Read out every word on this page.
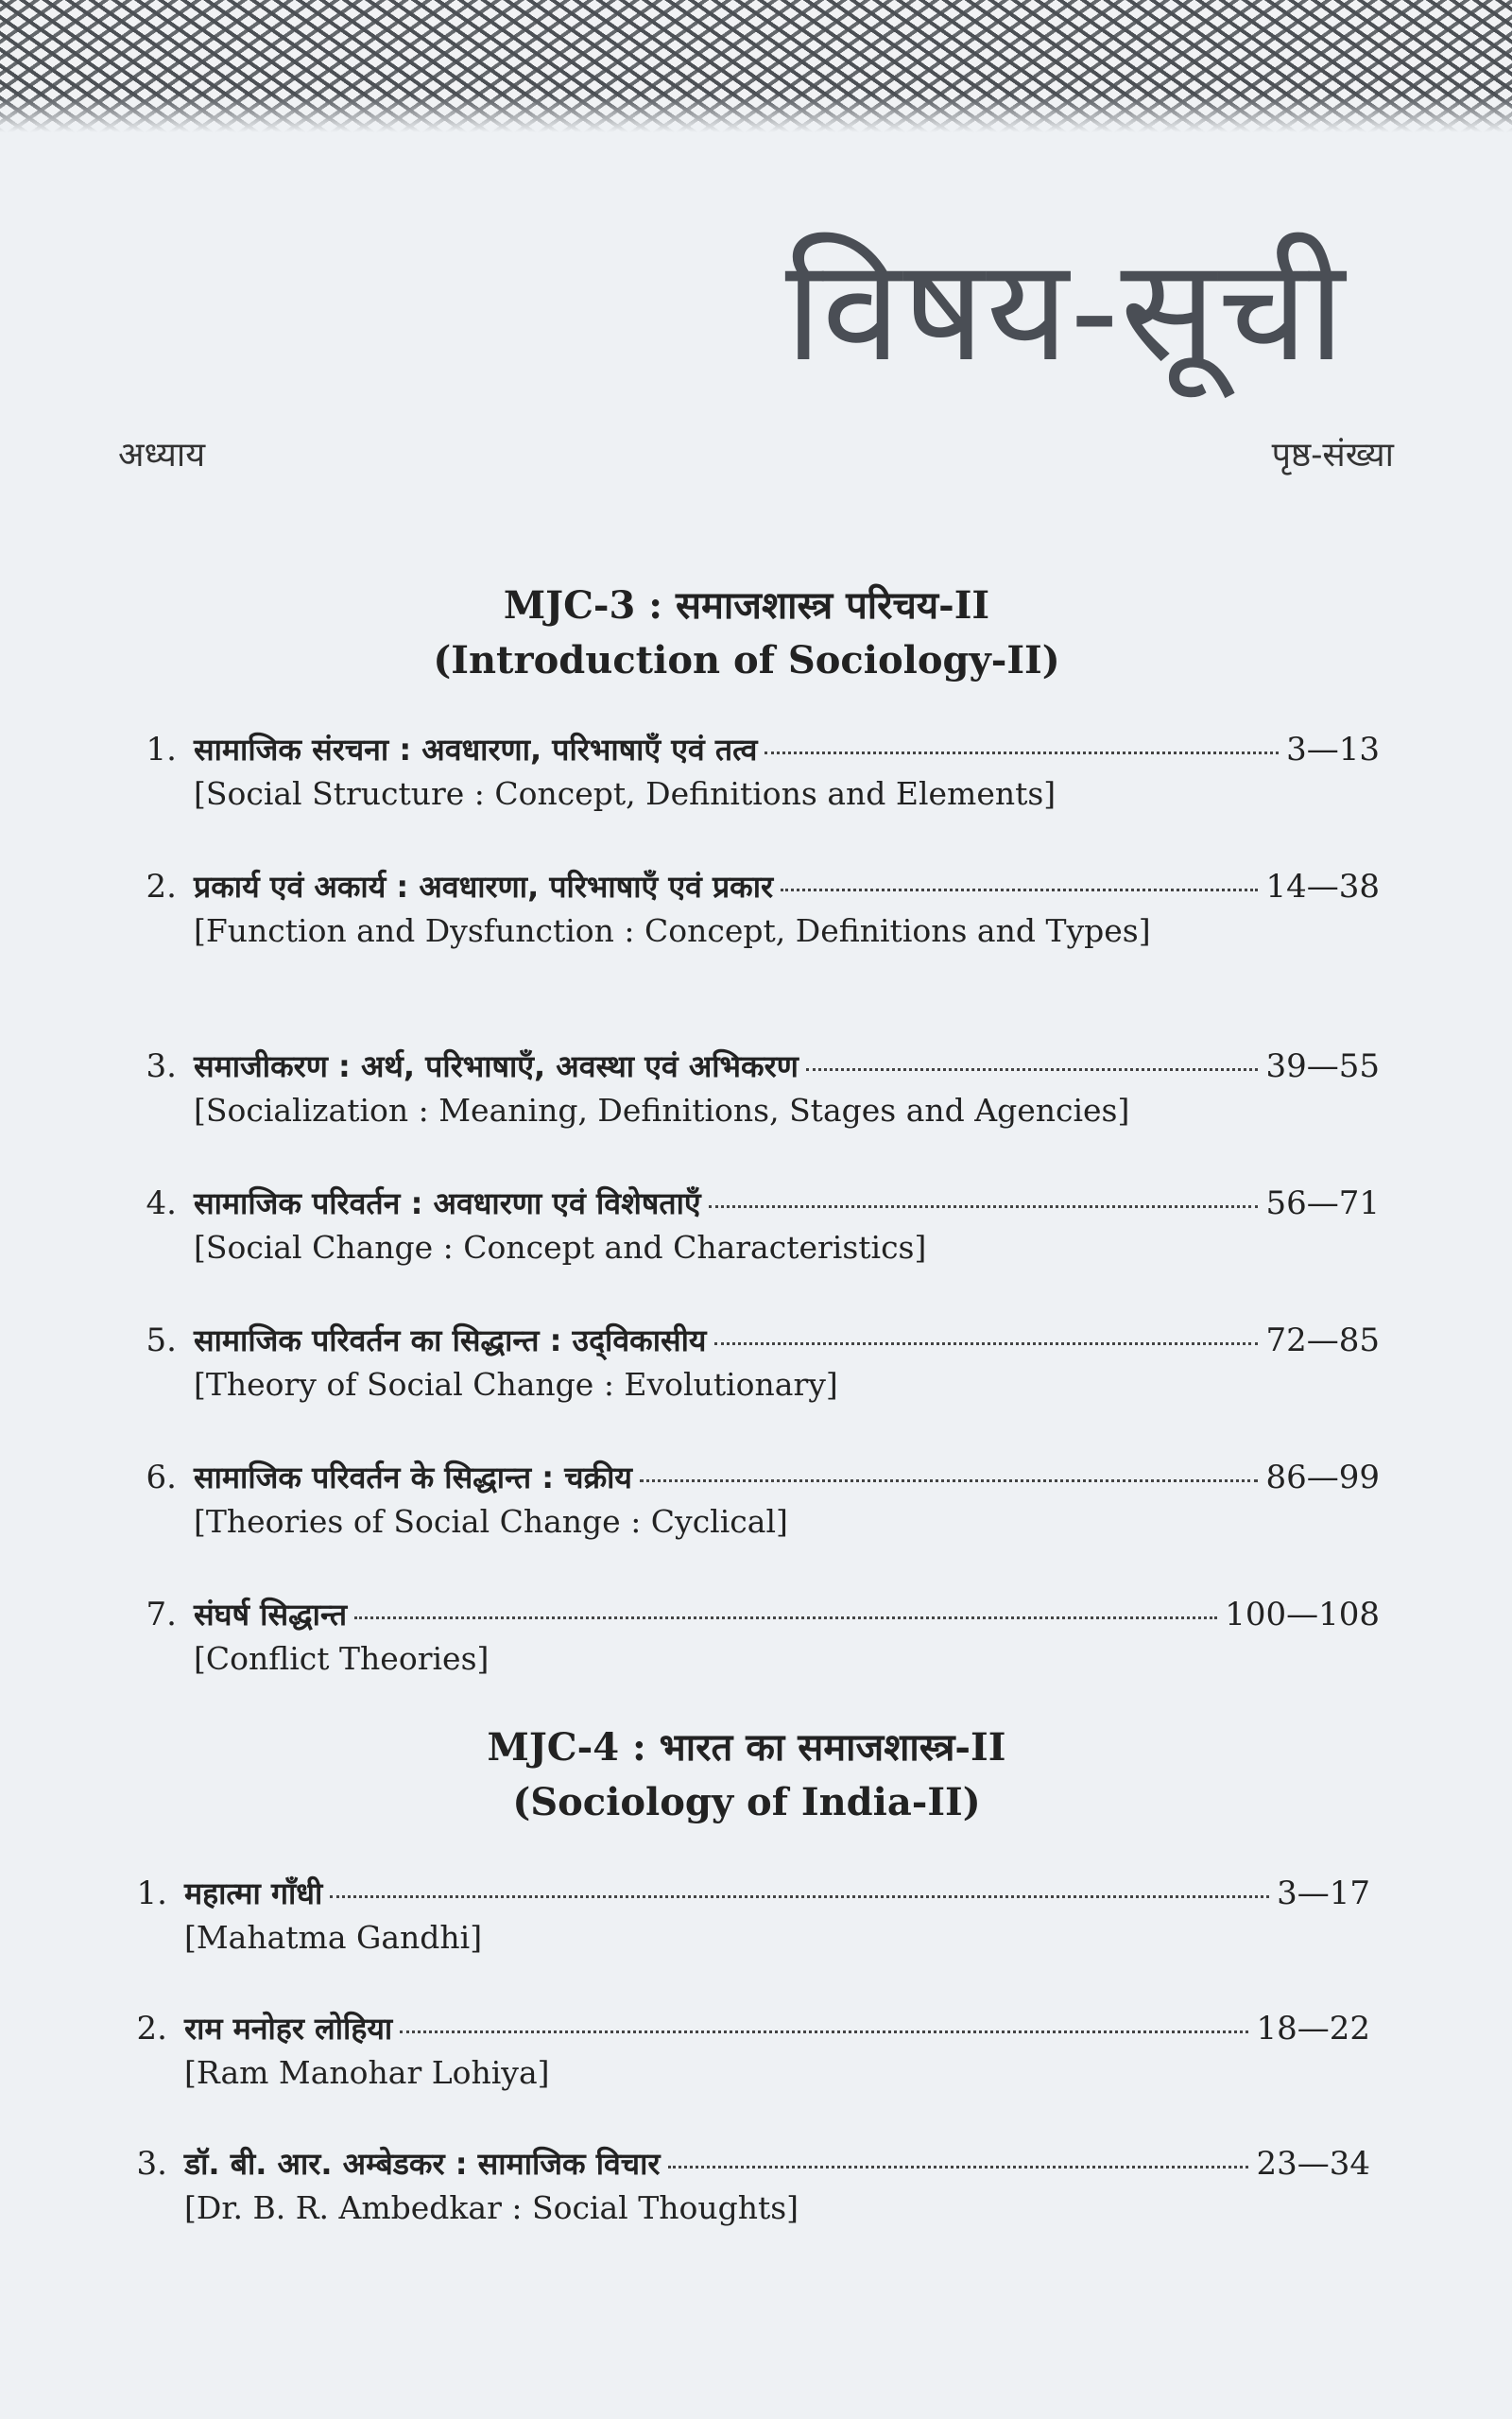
विषय-सूची
अध्याय	पृष्ठ-संख्या
MJC-3 : समाजशास्त्र परिचय-II
(Introduction of Sociology-II)
1. सामाजिक संरचना : अवधारणा, परिभाषाएँ एवं तत्व	3—13
[Social Structure : Concept, Definitions and Elements]
2. प्रकार्य एवं अकार्य : अवधारणा, परिभाषाएँ एवं प्रकार	14—38
[Function and Dysfunction : Concept, Definitions and Types]
3. समाजीकरण : अर्थ, परिभाषाएँ, अवस्था एवं अभिकरण	39—55
[Socialization : Meaning, Definitions, Stages and Agencies]
4. सामाजिक परिवर्तन : अवधारणा एवं विशेषताएँ	56—71
[Social Change : Concept and Characteristics]
5. सामाजिक परिवर्तन का सिद्धान्त : उद्‌विकासीय	72—85
[Theory of Social Change : Evolutionary]
6. सामाजिक परिवर्तन के सिद्धान्त : चक्रीय	86—99
[Theories of Social Change : Cyclical]
7. संघर्ष सिद्धान्त	100—108
[Conflict Theories]
MJC-4 : भारत का समाजशास्त्र-II
(Sociology of India-II)
1. महात्मा गाँधी	3—17
[Mahatma Gandhi]
2. राम मनोहर लोहिया	18—22
[Ram Manohar Lohiya]
3. डॉ. बी. आर. अम्बेडकर : सामाजिक विचार	23—34
[Dr. B. R. Ambedkar : Social Thoughts]
